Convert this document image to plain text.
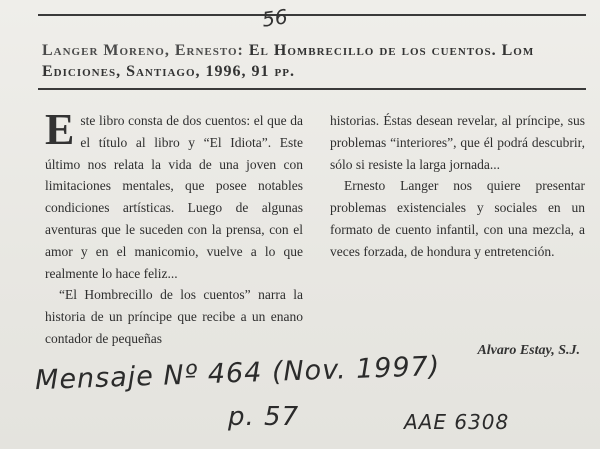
56
Langer Moreno, Ernesto: El Hombrecillo de los cuentos. Lom Ediciones, Santiago, 1996, 91 pp.

Este libro consta de dos cuentos: el que da el título al libro y “El Idiota”. Este último nos relata la vida de una joven con limitaciones mentales, que posee notables condiciones artísticas. Luego de algunas aventuras que le suceden con la prensa, con el amor y en el manicomio, vuelve a lo que realmente lo hace feliz...

“El Hombrecillo de los cuentos” narra la historia de un príncipe que recibe a un enano contador de pequeñas

historias. Éstas desean revelar, al príncipe, sus problemas “interiores”, que él podrá descubrir, sólo si resiste la larga jornada...

Ernesto Langer nos quiere presentar problemas existenciales y sociales en un formato de cuento infantil, con una mezcla, a veces forzada, de hondura y entretención.

Alvaro Estay, S.J.
Mensaje Nº 464 (Nov. 1997)
p. 57	AAE 6308
